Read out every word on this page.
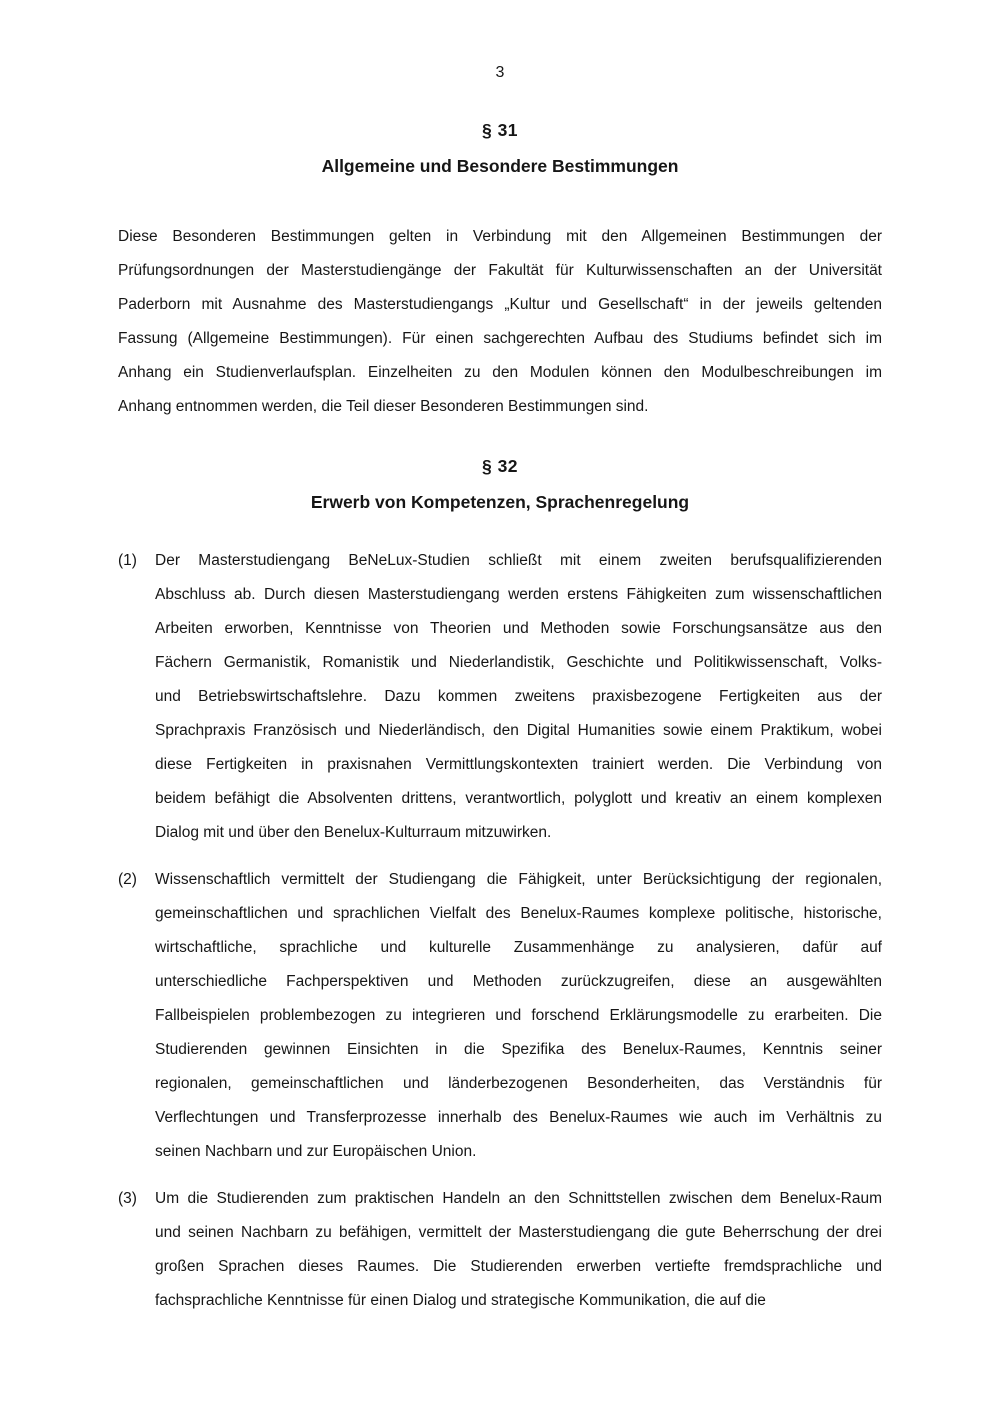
3
§ 31
Allgemeine und Besondere Bestimmungen
Diese Besonderen Bestimmungen gelten in Verbindung mit den Allgemeinen Bestimmungen der
Prüfungsordnungen der Masterstudiengänge der Fakultät für Kulturwissenschaften an der Universität
Paderborn mit Ausnahme des Masterstudiengangs „Kultur und Gesellschaft“ in der jeweils geltenden
Fassung (Allgemeine Bestimmungen). Für einen sachgerechten Aufbau des Studiums befindet sich im
Anhang ein Studienverlaufsplan. Einzelheiten zu den Modulen können den Modulbeschreibungen im
Anhang entnommen werden, die Teil dieser Besonderen Bestimmungen sind.
§ 32
Erwerb von Kompetenzen, Sprachenregelung
(1)	Der Masterstudiengang BeNeLux-Studien schließt mit einem zweiten berufsqualifizierenden
Abschluss ab. Durch diesen Masterstudiengang werden erstens Fähigkeiten zum wissenschaftlichen
Arbeiten erworben, Kenntnisse von Theorien und Methoden sowie Forschungsansätze aus den
Fächern Germanistik, Romanistik und Niederlandistik, Geschichte und Politikwissenschaft, Volks-
und Betriebswirtschaftslehre. Dazu kommen zweitens praxisbezogene Fertigkeiten aus der
Sprachpraxis Französisch und Niederländisch, den Digital Humanities sowie einem Praktikum, wobei
diese Fertigkeiten in praxisnahen Vermittlungskontexten trainiert werden. Die Verbindung von
beidem befähigt die Absolventen drittens, verantwortlich, polyglott und kreativ an einem komplexen
Dialog mit und über den Benelux-Kulturraum mitzuwirken.
(2)	Wissenschaftlich vermittelt der Studiengang die Fähigkeit, unter Berücksichtigung der regionalen,
gemeinschaftlichen und sprachlichen Vielfalt des Benelux-Raumes komplexe politische, historische,
wirtschaftliche, sprachliche und kulturelle Zusammenhänge zu analysieren, dafür auf
unterschiedliche Fachperspektiven und Methoden zurückzugreifen, diese an ausgewählten
Fallbeispielen problembezogen zu integrieren und forschend Erklärungsmodelle zu erarbeiten. Die
Studierenden gewinnen Einsichten in die Spezifika des Benelux-Raumes, Kenntnis seiner
regionalen, gemeinschaftlichen und länderbezogenen Besonderheiten, das Verständnis für
Verflechtungen und Transferprozesse innerhalb des Benelux-Raumes wie auch im Verhältnis zu
seinen Nachbarn und zur Europäischen Union.
(3)	Um die Studierenden zum praktischen Handeln an den Schnittstellen zwischen dem Benelux-Raum
und seinen Nachbarn zu befähigen, vermittelt der Masterstudiengang die gute Beherrschung der drei
großen Sprachen dieses Raumes. Die Studierenden erwerben vertiefte fremdsprachliche und
fachsprachliche Kenntnisse für einen Dialog und strategische Kommunikation, die auf die
